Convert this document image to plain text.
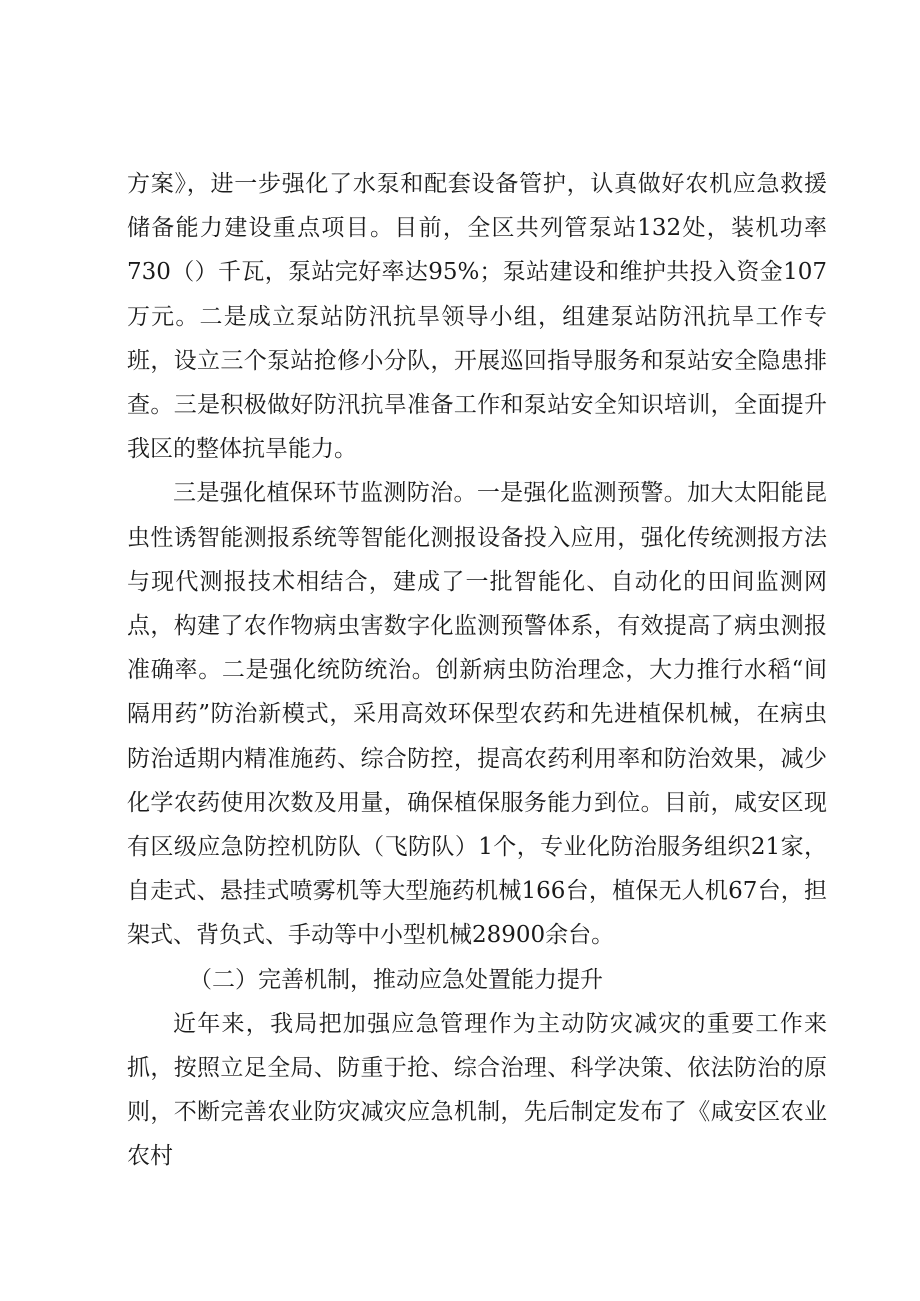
方案》，进一步强化了水泵和配套设备管护，认真做好农机应急救援储备能力建设重点项目。目前，全区共列管泵站132处，装机功率730（）千瓦，泵站完好率达95%；泵站建设和维护共投入资金107万元。二是成立泵站防汛抗旱领导小组，组建泵站防汛抗旱工作专班，设立三个泵站抢修小分队，开展巡回指导服务和泵站安全隐患排查。三是积极做好防汛抗旱准备工作和泵站安全知识培训，全面提升我区的整体抗旱能力。

三是强化植保环节监测防治。一是强化监测预警。加大太阳能昆虫性诱智能测报系统等智能化测报设备投入应用，强化传统测报方法与现代测报技术相结合，建成了一批智能化、自动化的田间监测网点，构建了农作物病虫害数字化监测预警体系，有效提高了病虫测报准确率。二是强化统防统治。创新病虫防治理念，大力推行水稻“间隔用药”防治新模式，采用高效环保型农药和先进植保机械，在病虫防治适期内精准施药、综合防控，提高农药利用率和防治效果，减少化学农药使用次数及用量，确保植保服务能力到位。目前，咸安区现有区级应急防控机防队（飞防队）1个，专业化防治服务组织21家，自走式、悬挂式喷雾机等大型施药机械166台，植保无人机67台，担架式、背负式、手动等中小型机械28900余台。

（二）完善机制，推动应急处置能力提升

近年来，我局把加强应急管理作为主动防灾减灾的重要工作来抓，按照立足全局、防重于抢、综合治理、科学决策、依法防治的原则，不断完善农业防灾减灾应急机制，先后制定发布了《咸安区农业农村
